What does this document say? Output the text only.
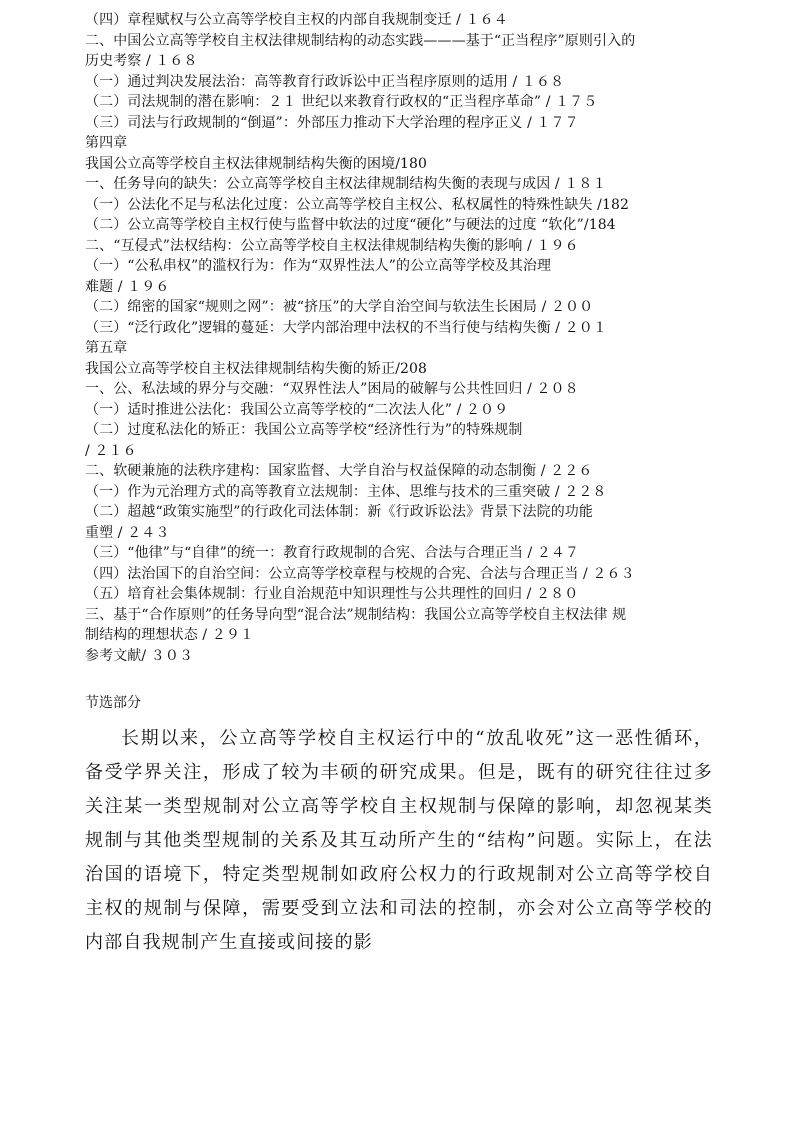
（四）章程赋权与公立高等学校自主权的内部自我规制变迁 / １６４
二、中国公立高等学校自主权法律规制结构的动态实践———基于“正当程序”原则引入的
历史考察 / １６８
（一）通过判决发展法治：高等教育行政诉讼中正当程序原则的适用 / １６８
（二）司法规制的潜在影响：２１ 世纪以来教育行政权的“正当程序革命” / １７５
（三）司法与行政规制的“倒逼”：外部压力推动下大学治理的程序正义 / １７７
第四章
我国公立高等学校自主权法律规制结构失衡的困境/180
一、任务导向的缺失：公立高等学校自主权法律规制结构失衡的表现与成因 / １８１
（一）公法化不足与私法化过度：公立高等学校自主权公、私权属性的特殊性缺失 /182
（二）公立高等学校自主权行使与监督中软法的过度“硬化”与硬法的过度 “软化”/184
二、“互侵式”法权结构：公立高等学校自主权法律规制结构失衡的影响 / １９６
（一）“公私串权”的滥权行为：作为“双界性法人”的公立高等学校及其治理
难题 / １９６
（二）绵密的国家“规则之网”：被“挤压”的大学自治空间与软法生长困局 / ２００
（三）“泛行政化”逻辑的蔓延：大学内部治理中法权的不当行使与结构失衡 / ２０１
第五章
我国公立高等学校自主权法律规制结构失衡的矫正/208
一、公、私法域的界分与交融：“双界性法人”困局的破解与公共性回归 / ２０８
（一）适时推进公法化：我国公立高等学校的“二次法人化” / ２０９
（二）过度私法化的矫正：我国公立高等学校“经济性行为”的特殊规制
/ ２１６
二、软硬兼施的法秩序建构：国家监督、大学自治与权益保障的动态制衡 / ２２６
（一）作为元治理方式的高等教育立法规制：主体、思维与技术的三重突破 / ２２８
（二）超越“政策实施型”的行政化司法体制：新《行政诉讼法》背景下法院的功能
重塑 / ２４３
（三）“他律”与“自律”的统一：教育行政规制的合宪、合法与合理正当 / ２４７
（四）法治国下的自治空间：公立高等学校章程与校规的合宪、合法与合理正当 / ２６３
（五）培育社会集体规制：行业自治规范中知识理性与公共理性的回归 / ２８０
三、基于“合作原则”的任务导向型“混合法”规制结构：我国公立高等学校自主权法律 规
制结构的理想状态 / ２９１
参考文献/ ３０３
节选部分

长期以来，公立高等学校自主权运行中的“放乱收死”这一恶性循环，备受学界关注，形成了较为丰硕的研究成果。但是，既有的研究往往过多关注某一类型规制对公立高等学校自主权规制与保障的影响，却忽视某类规制与其他类型规制的关系及其互动所产生的“结构”问题。实际上，在法治国的语境下，特定类型规制如政府公权力的行政规制对公立高等学校自主权的规制与保障，需要受到立法和司法的控制，亦会对公立高等学校的内部自我规制产生直接或间接的影
